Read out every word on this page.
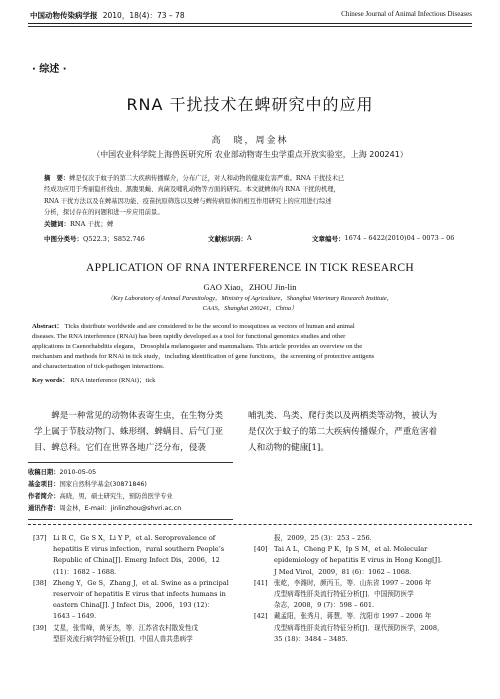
中国动物传染病学报 2010，18(4)：73 – 78	Chinese Journal of Animal Infectious Diseases
· 综述 ·
RNA 干扰技术在蜱研究中的应用
高　晓，周金林
（中国农业科学院上海兽医研究所 农业部动物寄生虫学重点开放实验室，上海 200241）
摘　要：蜱是仅次于蚊子的第二大疾病传播媒介，分布广泛，对人和动物的健康危害严重。RNA 干扰技术已
经成功应用于秀丽隐杆线虫、黑腹果蝇、真菌及哺乳动物等方面的研究。本文就蜱体内 RNA 干扰的机理，
RNA 干扰方法以及在蜱基因功能、疫苗抗原筛选以及蜱与蜱传病原体的相互作用研究上的应用进行综述
分析，探讨存在的问题和进一步应用前景。
关键词：RNA 干扰；蜱
中图分类号： Q522.3；S852.746	文献标识码： A	文章编号： 1674 – 6422(2010)04 – 0073 – 06
APPLICATION OF RNA INTERFERENCE IN TICK RESEARCH
GAO Xiao，ZHOU Jin-lin
（Key Laboratory of Animal Parasitology，Ministry of Agriculture，Shanghai Veterinary Research Institute，
CAAS，Shanghai 200241，China）
Abstract： Ticks distribute worldwide and are considered to be the second to mosquitoes as vectors of human and animal
diseases. The RNA interference (RNAi) has been rapidly developed as a tool for functional genomics studies and other
applications in Caenorhabditis elegans，Drosophila melanogaster and mammalians. This article provides an overview on the
mechanism and methods for RNAi in tick study，including identification of gene functions，the screening of protective antigens
and characterization of tick-pathogen interactions.
Key words： RNA interference (RNAi)；tick
蜱是一种常见的动物体表寄生虫，在生物分类学上属于节肢动物门、蛛形纲、蜱螨目、后气门亚目、蜱总科。它们在世界各地广泛分布，侵袭
哺乳类、鸟类、爬行类以及两栖类等动物，被认为是仅次于蚊子的第二大疾病传播媒介，严重危害着人和动物的健康[1]。
收稿日期：2010-05-05
基金项目：国家自然科学基金(30871846)
作者简介：高晓，男，硕士研究生，预防兽医学专业
通讯作者：周金林，E-mail：jinlinzhou@shvri.ac.cn
[37] Li R C，Ge S X，Li Y P，et al. Seroprevalence of
hepatitis E virus infection，rural southern People’s
Republic of China[J]. Emerg Infect Dis，2006，12
(11)：1682 – 1688.
[38] Zheng Y，Ge S，Zhang J，et al. Swine as a principal
reservoir of hepatitis E virus that infects humans in
eastern China[J]. J Infect Dis，2006，193 (12)：
1643 – 1649.
[39] 艾星，张雪峰，黄牙杰，等．江苏省农村散发性戊
型肝炎流行病学特征分析[J]．中国人兽共患病学
报，2009，25 (3)：253 – 256.
[40] Tai A L，Cheng P K，Ip S M，et al. Molecular
epidemiology of hepatitis E virus in Hong Kong[J].
J Med Virol，2009，81 (6)：1062 – 1068.
[41] 张屹，李潍时，颜丙玉，等．山东省 1997 – 2006 年
戊型病毒性肝炎流行特征分析[J]．中国预防医学
杂志，2008，9 (7)：598 – 601.
[42] 戴孟阳，张秀月，蒋慧，等．沈阳市 1997 – 2006 年
戊型病毒性肝炎流行特征分析[J]．现代预防医学，2008，
35 (18)：3484 – 3485.
